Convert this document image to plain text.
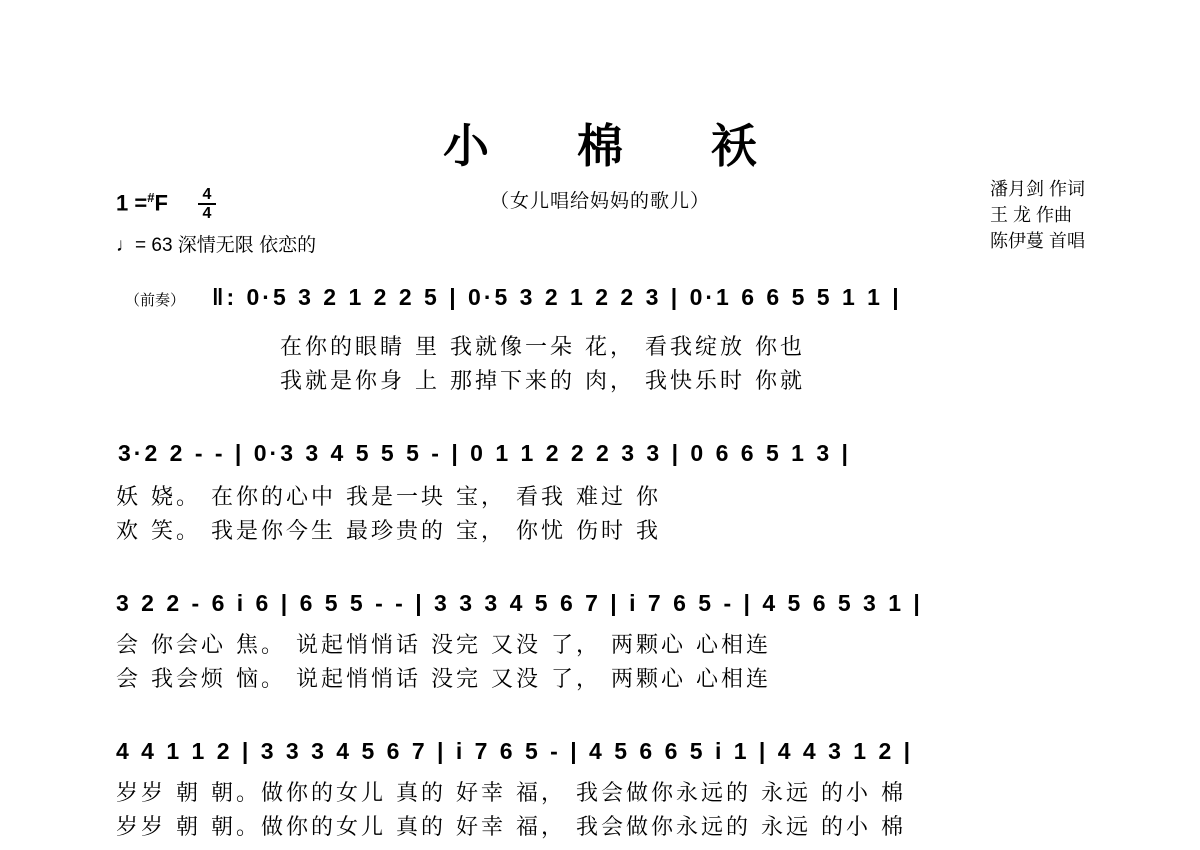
小 棉 袄
（女儿唱给妈妈的歌儿）
1 =#F 4
4
♩= 63 深情无限 依恋的
潘月剑 作词
王 龙 作曲
陈伊蔓 首唱
（前奏） ‖: 0·5 3 2 1 2 2 5 | 0·5 3 2 1 2 2 3 | 0·1 6 6 5 5 1 1 |
在你的眼睛 里 我就像一朵 花， 看我绽放 你也
我就是你身 上 那掉下来的 肉， 我快乐时 你就
3·2 2 - - | 0·3 3 4 5 5 5 - | 0 1 1 2 2 2 3 3 | 0 6 6 5 1 3 |
妖 娆。 在你的心中 我是一块 宝， 看我 难过 你
欢 笑。 我是你今生 最珍贵的 宝， 你忧 伤时 我
3 2 2 - 6 i 6 | 6 5 5 - - | 3 3 3 4 5 6 7 | i 7 6 5 - | 4 5 6 5 3 1 |
会 你会心 焦。 说起悄悄话 没完 又没 了， 两颗心 心相连
会 我会烦 恼。 说起悄悄话 没完 又没 了， 两颗心 心相连
4 4 1 1 2 | 3 3 3 4 5 6 7 | i 7 6 5 - | 4 5 6 6 5 i 1 | 4 4 3 1 2 |
岁岁 朝 朝。做你的女儿 真的 好幸 福， 我会做你永远的 永远 的小 棉
岁岁 朝 朝。做你的女儿 真的 好幸 福， 我会做你永远的 永远 的小 棉
